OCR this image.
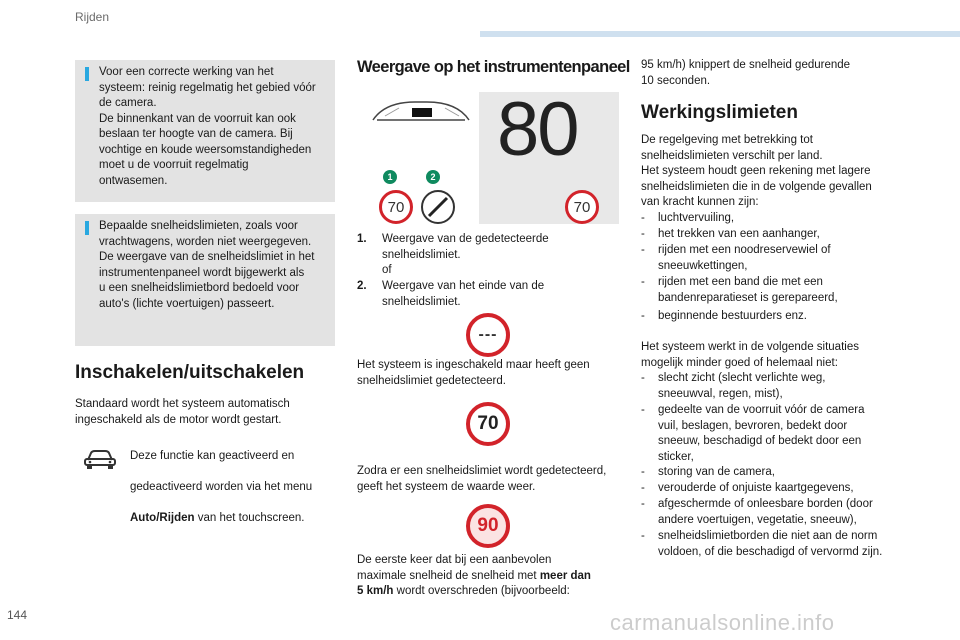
Rijden
Voor een correcte werking van het
systeem: reinig regelmatig het gebied vóór
de camera.
De binnenkant van de voorruit kan ook
beslaan ter hoogte van de camera. Bij
vochtige en koude weersomstandigheden
moet u de voorruit regelmatig
ontwasemen.
Bepaalde snelheidslimieten, zoals voor
vrachtwagens, worden niet weergegeven.
De weergave van de snelheidslimiet in het
instrumentenpaneel wordt bijgewerkt als
u een snelheidslimietbord bedoeld voor
auto's (lichte voertuigen) passeert.
Inschakelen/uitschakelen
Standaard wordt het systeem automatisch
ingeschakeld als de motor wordt gestart.

Deze functie kan geactiveerd en

gedeactiveerd worden via het menu

Auto/Rijden van het touchscreen.

Weergave op het instrumentenpaneel
80
70	70
1	2
1. Weergave van de gedetecteerde
snelheidslimiet.
of
2. Weergave van het einde van de
snelheidslimiet.
---
Het systeem is ingeschakeld maar heeft geen
snelheidslimiet gedetecteerd.
70
Zodra er een snelheidslimiet wordt gedetecteerd,
geeft het systeem de waarde weer.
90
De eerste keer dat bij een aanbevolen
maximale snelheid de snelheid met meer dan
5 km/h wordt overschreden (bijvoorbeeld:
95 km/h) knippert de snelheid gedurende
10 seconden.
Werkingslimieten
De regelgeving met betrekking tot
snelheidslimieten verschilt per land.
Het systeem houdt geen rekening met lagere
snelheidslimieten die in de volgende gevallen
van kracht kunnen zijn:
- luchtvervuiling,
- het trekken van een aanhanger,
- rijden met een noodreservewiel of
sneeuwkettingen,
- rijden met een band die met een
bandenreparatieset is gerepareerd,
- beginnende bestuurders enz.
Het systeem werkt in de volgende situaties
mogelijk minder goed of helemaal niet:
- slecht zicht (slecht verlichte weg,
sneeuwval, regen, mist),
- gedeelte van de voorruit vóór de camera
vuil, beslagen, bevroren, bedekt door
sneeuw, beschadigd of bedekt door een
sticker,
- storing van de camera,
- verouderde of onjuiste kaartgegevens,
- afgeschermde of onleesbare borden (door
andere voertuigen, vegetatie, sneeuw),
- snelheidslimietborden die niet aan de norm
voldoen, of die beschadigd of vervormd zijn.
144	carmanualsonline.info
